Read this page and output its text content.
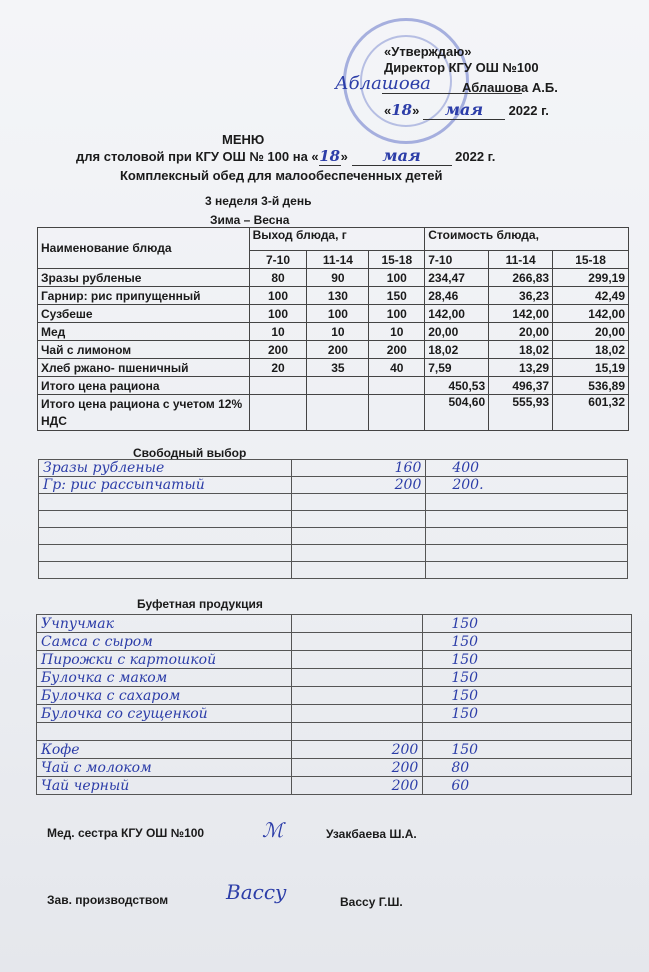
«Утверждаю»
Директор КГУ ОШ №100
Аблашова А.Б.
«18» мая 2022 г.
Аблашова
МЕНЮ
для столовой при КГУ ОШ № 100 на «18» мая	2022 г.
Комплексный обед для малообеспеченных детей
3 неделя 3-й день
Зима – Весна
Наименование блюда	Выход блюда, г			Стоимость блюда,		
	7-10	11-14	15-18	7-10	11-14	15-18
Зразы рубленые	80	90	100	234,47	266,83	299,19
Гарнир: рис припущенный	100	130	150	28,46	36,23	42,49
Сузбеше	100	100	100	142,00	142,00	142,00
Мед	10	10	10	20,00	20,00	20,00
Чай с лимоном	200	200	200	18,02	18,02	18,02
Хлеб ржано- пшеничный	20	35	40	7,59	13,29	15,19
Итого цена рациона				450,53	496,37	536,89
Итого цена рациона с учетом 12% НДС				504,60	555,93	601,32
Свободный выбор
Зразы рубленые	160	400
Гр: рис рассыпчатый	200	200.

Буфетная продукция
Учпучмак		150
Самса с сыром		150
Пирожки с картошкой		150
Булочка с маком		150
Булочка с сахаром		150
Булочка со сгущенкой		150

Кофе	200	150
Чай с молоком	200	80
Чай черный	200	60
Мед. сестра КГУ ОШ №100	ℳ	Узакбаева Ш.А.
Зав. производством	Вассу	Вассу Г.Ш.
